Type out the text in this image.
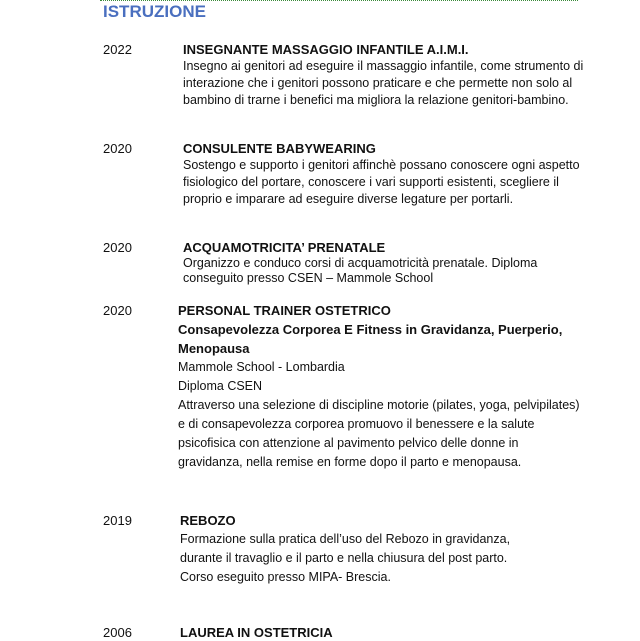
ISTRUZIONE
2022	INSEGNANTE MASSAGGIO INFANTILE A.I.M.I.
Insegno ai genitori ad eseguire il massaggio infantile, come strumento di
interazione che i genitori possono praticare e che permette non solo al
bambino di trarne i benefici ma migliora la relazione genitori-bambino.
2020	CONSULENTE BABYWEARING
Sostengo e supporto i genitori affinchè possano conoscere ogni aspetto
fisiologico del portare, conoscere i vari supporti esistenti, scegliere il
proprio e imparare ad eseguire diverse legature per portarli.
2020	ACQUAMOTRICITA’ PRENATALE
Organizzo e conduco corsi di acquamotricità prenatale. Diploma
conseguito presso CSEN – Mammole School
2020	PERSONAL TRAINER OSTETRICO
Consapevolezza Corporea E Fitness in Gravidanza, Puerperio,
Menopausa
Mammole School - Lombardia
Diploma CSEN
Attraverso una selezione di discipline motorie (pilates, yoga, pelvipilates)
e di consapevolezza corporea promuovo il benessere e la salute
psicofisica con attenzione al pavimento pelvico delle donne in
gravidanza, nella remise en forme dopo il parto e menopausa.
2019	REBOZO
Formazione sulla pratica dell’uso del Rebozo in gravidanza,
durante il travaglio e il parto e nella chiusura del post parto.
Corso eseguito presso MIPA- Brescia.
2006	LAUREA IN OSTETRICIA
